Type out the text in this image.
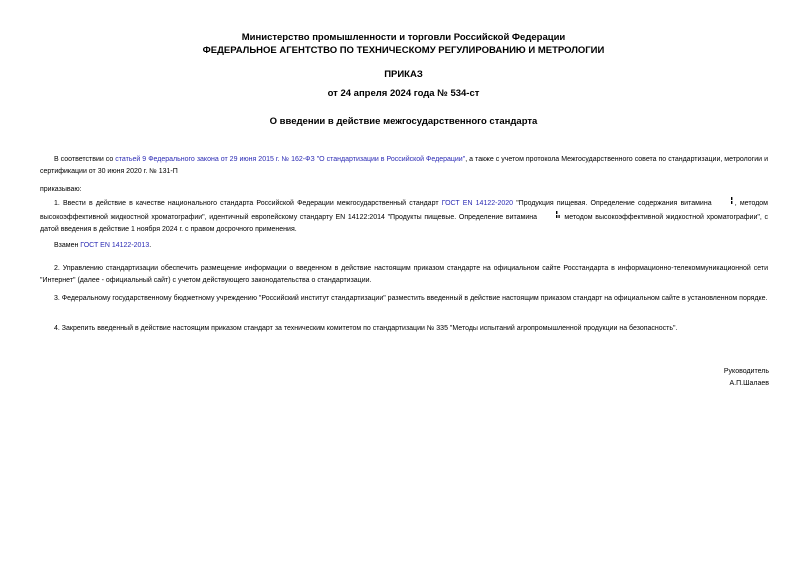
Министерство промышленности и торговли Российской Федерации
ФЕДЕРАЛЬНОЕ АГЕНТСТВО ПО ТЕХНИЧЕСКОМУ РЕГУЛИРОВАНИЮ И МЕТРОЛОГИИ
ПРИКАЗ
от 24 апреля 2024 года № 534-ст
О введении в действие межгосударственного стандарта
В соответствии со статьей 9 Федерального закона от 29 июня 2015 г. № 162-ФЗ "О стандартизации в Российской Федерации", а также с учетом протокола Межгосударственного совета по стандартизации, метрологии и сертификации от 30 июня 2020 г. № 131-П
приказываю:
1. Ввести в действие в качестве национального стандарта Российской Федерации межгосударственный стандарт ГОСТ EN 14122-2020 "Продукция пищевая. Определение содержания витамина	, методом высокоэффективной жидкостной хроматографии", идентичный европейскому стандарту EN 14122:2014 "Продукты пищевые. Определение витамина	методом высокоэффективной жидкостной хроматографии", с датой введения в действие 1 ноября 2024 г. с правом досрочного применения.
Взамен ГОСТ EN 14122-2013.
2. Управлению стандартизации обеспечить размещение информации о введенном в действие настоящим приказом стандарте на официальном сайте Росстандарта в информационно-телекоммуникационной сети "Интернет" (далее - официальный сайт) с учетом действующего законодательства о стандартизации.
3. Федеральному государственному бюджетному учреждению "Российский институт стандартизации" разместить введенный в действие настоящим приказом стандарт на официальном сайте в установленном порядке.
4. Закрепить введенный в действие настоящим приказом стандарт за техническим комитетом по стандартизации № 335 "Методы испытаний агропромышленной продукции на безопасность".
Руководитель
А.П.Шалаев
